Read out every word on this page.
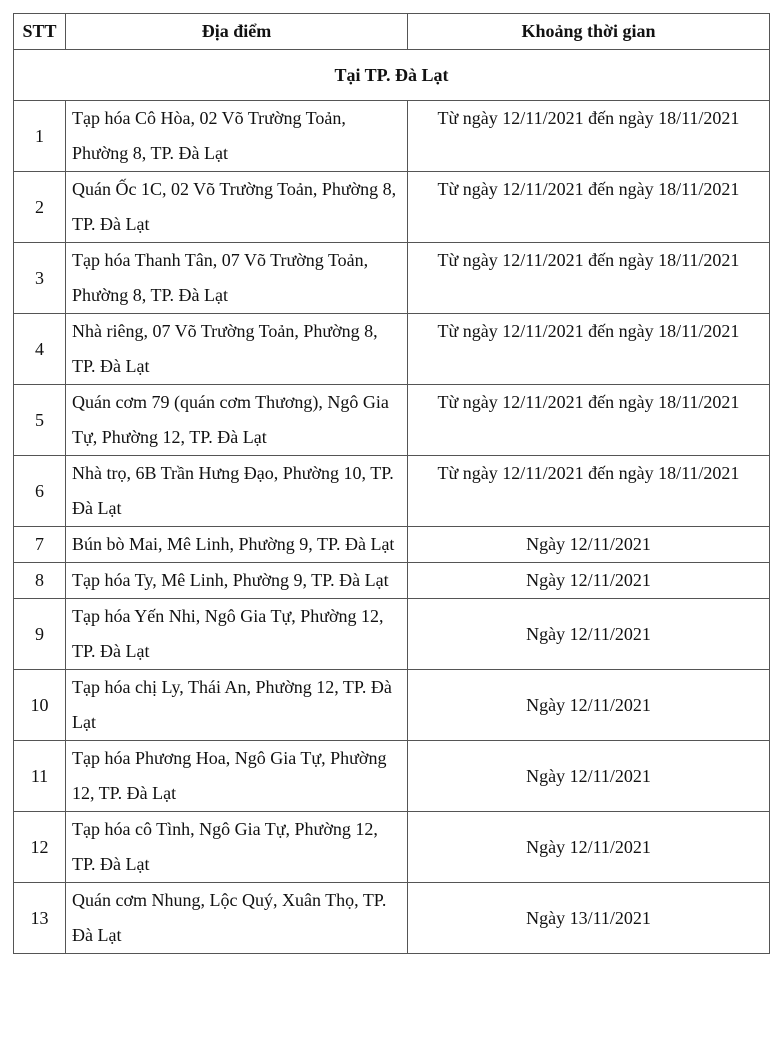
STT	Địa điểm	Khoảng thời gian
Tại TP. Đà Lạt		
1	Tạp hóa Cô Hòa, 02 Võ Trường Toản, Phường 8, TP. Đà Lạt	Từ ngày 12/11/2021 đến ngày 18/11/2021
2	Quán Ốc 1C, 02 Võ Trường Toản, Phường 8, TP. Đà Lạt	Từ ngày 12/11/2021 đến ngày 18/11/2021
3	Tạp hóa Thanh Tân, 07 Võ Trường Toản, Phường 8, TP. Đà Lạt	Từ ngày 12/11/2021 đến ngày 18/11/2021
4	Nhà riêng, 07 Võ Trường Toản, Phường 8, TP. Đà Lạt	Từ ngày 12/11/2021 đến ngày 18/11/2021
5	Quán cơm 79 (quán cơm Thương), Ngô Gia Tự, Phường 12, TP. Đà Lạt	Từ ngày 12/11/2021 đến ngày 18/11/2021
6	Nhà trọ, 6B Trần Hưng Đạo, Phường 10, TP. Đà Lạt	Từ ngày 12/11/2021 đến ngày 18/11/2021
7	Bún bò Mai, Mê Linh, Phường 9, TP. Đà Lạt	Ngày 12/11/2021
8	Tạp hóa Ty, Mê Linh, Phường 9, TP. Đà Lạt	Ngày 12/11/2021
9	Tạp hóa Yến Nhi, Ngô Gia Tự, Phường 12, TP. Đà Lạt	Ngày 12/11/2021
10	Tạp hóa chị Ly, Thái An, Phường 12, TP. Đà Lạt	Ngày 12/11/2021
11	Tạp hóa Phương Hoa, Ngô Gia Tự, Phường 12, TP. Đà Lạt	Ngày 12/11/2021
12	Tạp hóa cô Tình, Ngô Gia Tự, Phường 12, TP. Đà Lạt	Ngày 12/11/2021
13	Quán cơm Nhung, Lộc Quý, Xuân Thọ, TP. Đà Lạt	Ngày 13/11/2021
